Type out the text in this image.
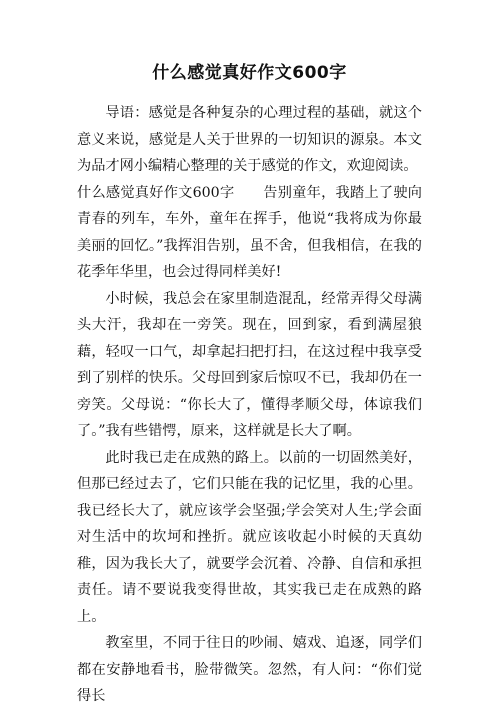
什么感觉真好作文600字

导语：感觉是各种复杂的心理过程的基础，就这个意义来说，感觉是人关于世界的一切知识的源泉。本文为品才网小编精心整理的关于感觉的作文，欢迎阅读。

什么感觉真好作文600字　　告别童年，我踏上了驶向青春的列车，车外，童年在挥手，他说“我将成为你最美丽的回忆。”我挥泪告别，虽不舍，但我相信，在我的花季年华里，也会过得同样美好!

小时候，我总会在家里制造混乱，经常弄得父母满头大汗，我却在一旁笑。现在，回到家，看到满屋狼藉，轻叹一口气，却拿起扫把打扫，在这过程中我享受到了别样的快乐。父母回到家后惊叹不已，我却仍在一旁笑。父母说：“你长大了，懂得孝顺父母，体谅我们了。”我有些错愕，原来，这样就是长大了啊。

此时我已走在成熟的路上。以前的一切固然美好，但那已经过去了，它们只能在我的记忆里，我的心里。我已经长大了，就应该学会坚强;学会笑对人生;学会面对生活中的坎坷和挫折。就应该收起小时候的天真幼稚，因为我长大了，就要学会沉着、冷静、自信和承担责任。请不要说我变得世故，其实我已走在成熟的路上。

教室里，不同于往日的吵闹、嬉戏、追逐，同学们都在安静地看书，脸带微笑。忽然，有人问：“你们觉得长
